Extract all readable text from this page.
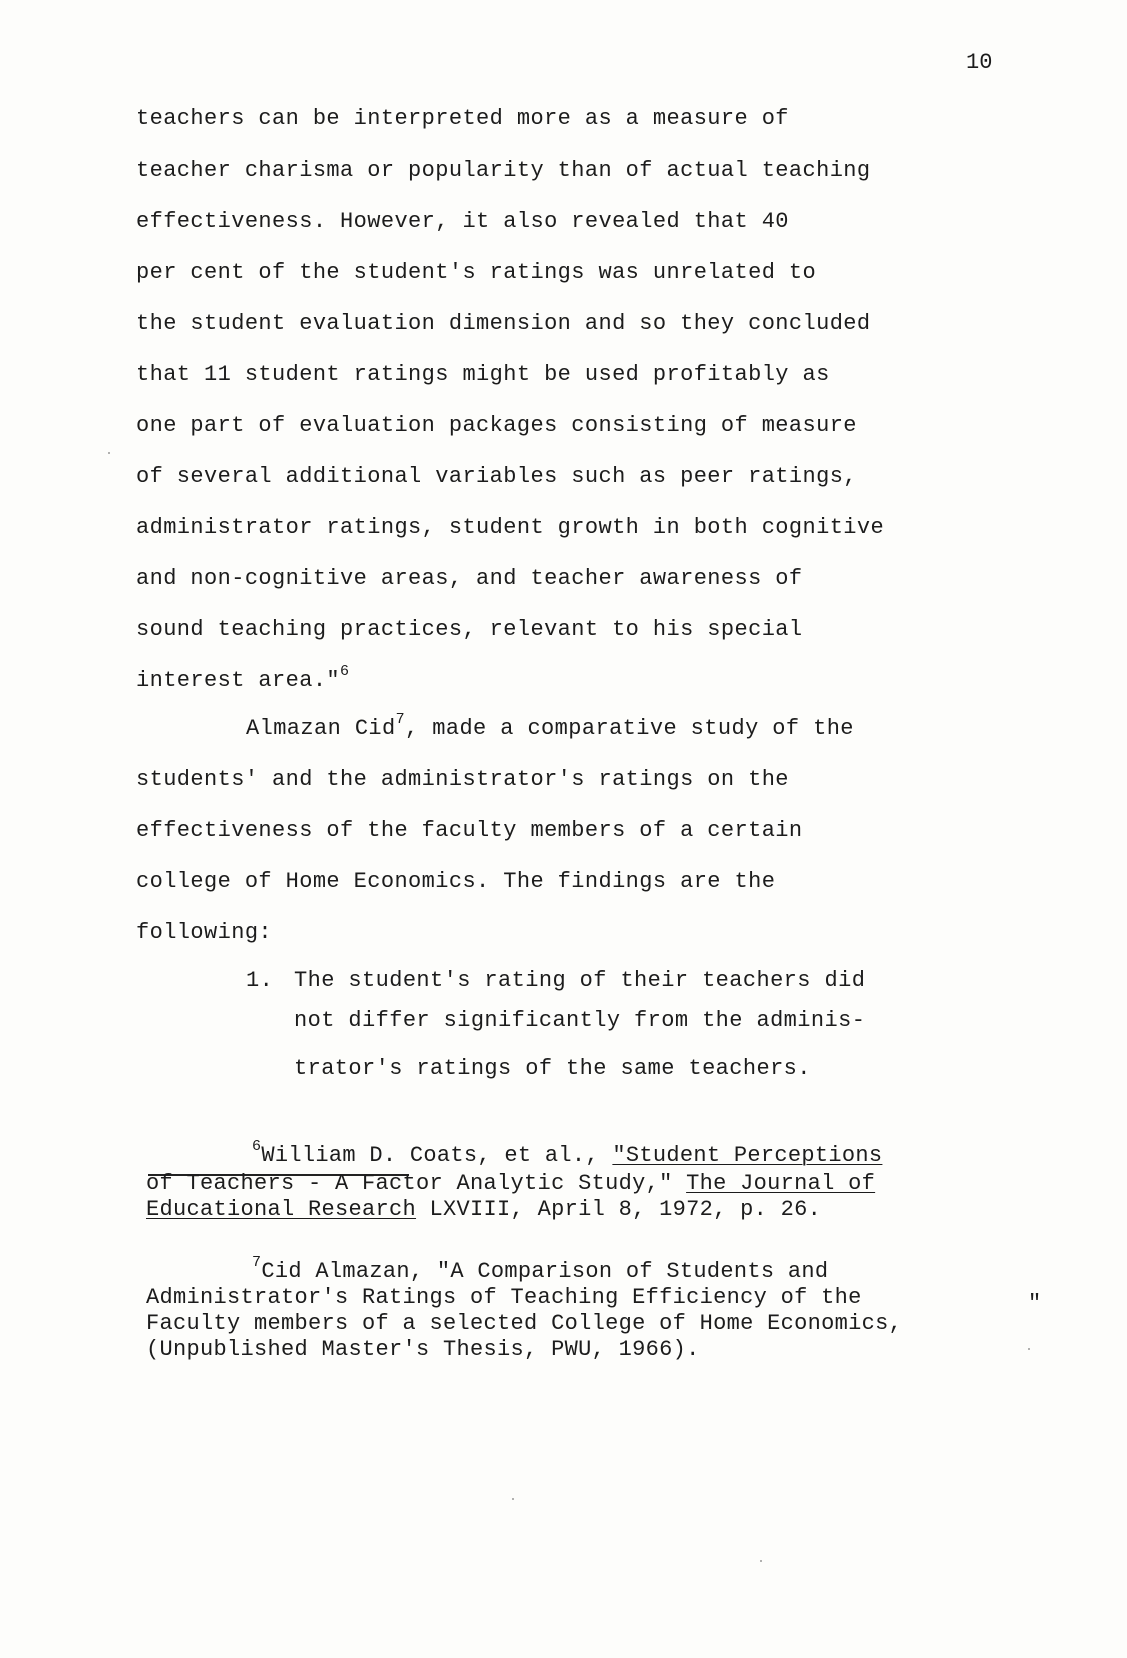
10
teachers can be interpreted more as a measure of
teacher charisma or popularity than of actual teaching
effectiveness. However, it also revealed that 40
per cent of the student's ratings was unrelated to
the student evaluation dimension and so they concluded
that 11 student ratings might be used profitably as
one part of evaluation packages consisting of measure
of several additional variables such as peer ratings,
administrator ratings, student growth in both cognitive
and non-cognitive areas, and teacher awareness of
sound teaching practices, relevant to his special
interest area."$^6$
Almazan Cid$^7$, made a comparative study of the
students' and the administrator's ratings on the
effectiveness of the faculty members of a certain
college of Home Economics. The findings are the
following:
1. The student's rating of their teachers did
not differ significantly from the adminis-
trator's ratings of the same teachers.
$^6$William D. Coats, et al., "Student Perceptions
of Teachers - A Factor Analytic Study," The Journal of
Educational Research LXVIII, April 8, 1972, p. 26.
$^7$Cid Almazan, "A Comparison of Students and
Administrator's Ratings of Teaching Efficiency of the	"
Faculty members of a selected College of Home Economics,
(Unpublished Master's Thesis, PWU, 1966).
